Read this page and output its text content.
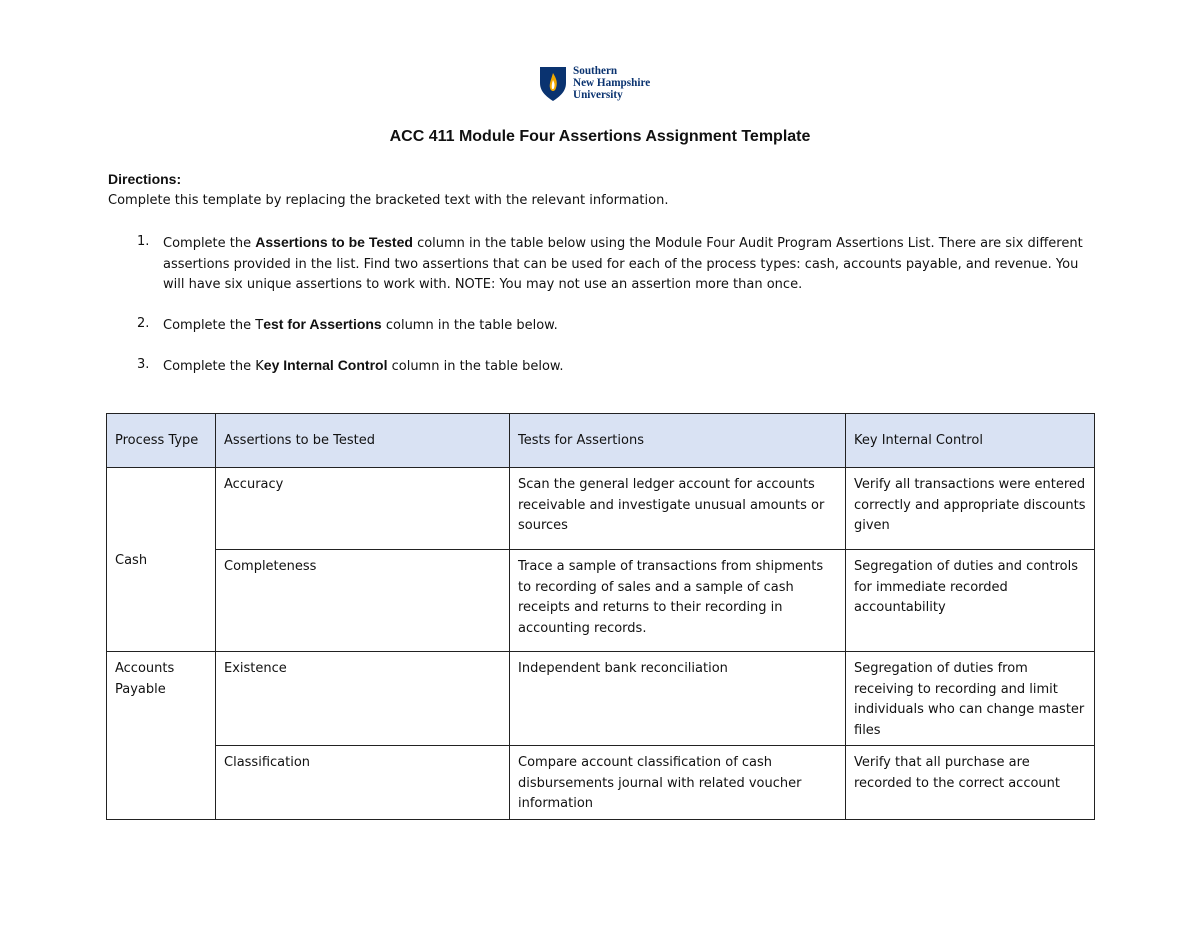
Southern
New Hampshire
University
ACC 411 Module Four Assertions Assignment Template
Directions:
Complete this template by replacing the bracketed text with the relevant information.
1. Complete the Assertions to be Tested column in the table below using the Module Four Audit Program Assertions List. There are six different assertions provided in the list. Find two assertions that can be used for each of the process types: cash, accounts payable, and revenue. You will have six unique assertions to work with. NOTE: You may not use an assertion more than once.
2. Complete the Test for Assertions column in the table below.
3. Complete the Key Internal Control column in the table below.
Process Type	Assertions to be Tested	Tests for Assertions	Key Internal Control
Cash	Accuracy	Scan the general ledger account for accounts receivable and investigate unusual amounts or sources	Verify all transactions were entered correctly and appropriate discounts given
	Completeness	Trace a sample of transactions from shipments to recording of sales and a sample of cash receipts and returns to their recording in accounting records.	Segregation of duties and controls for immediate recorded accountability
Accounts Payable	Existence	Independent bank reconciliation	Segregation of duties from receiving to recording and limit individuals who can change master files
	Classification	Compare account classification of cash disbursements journal with related voucher information	Verify that all purchase are recorded to the correct account
